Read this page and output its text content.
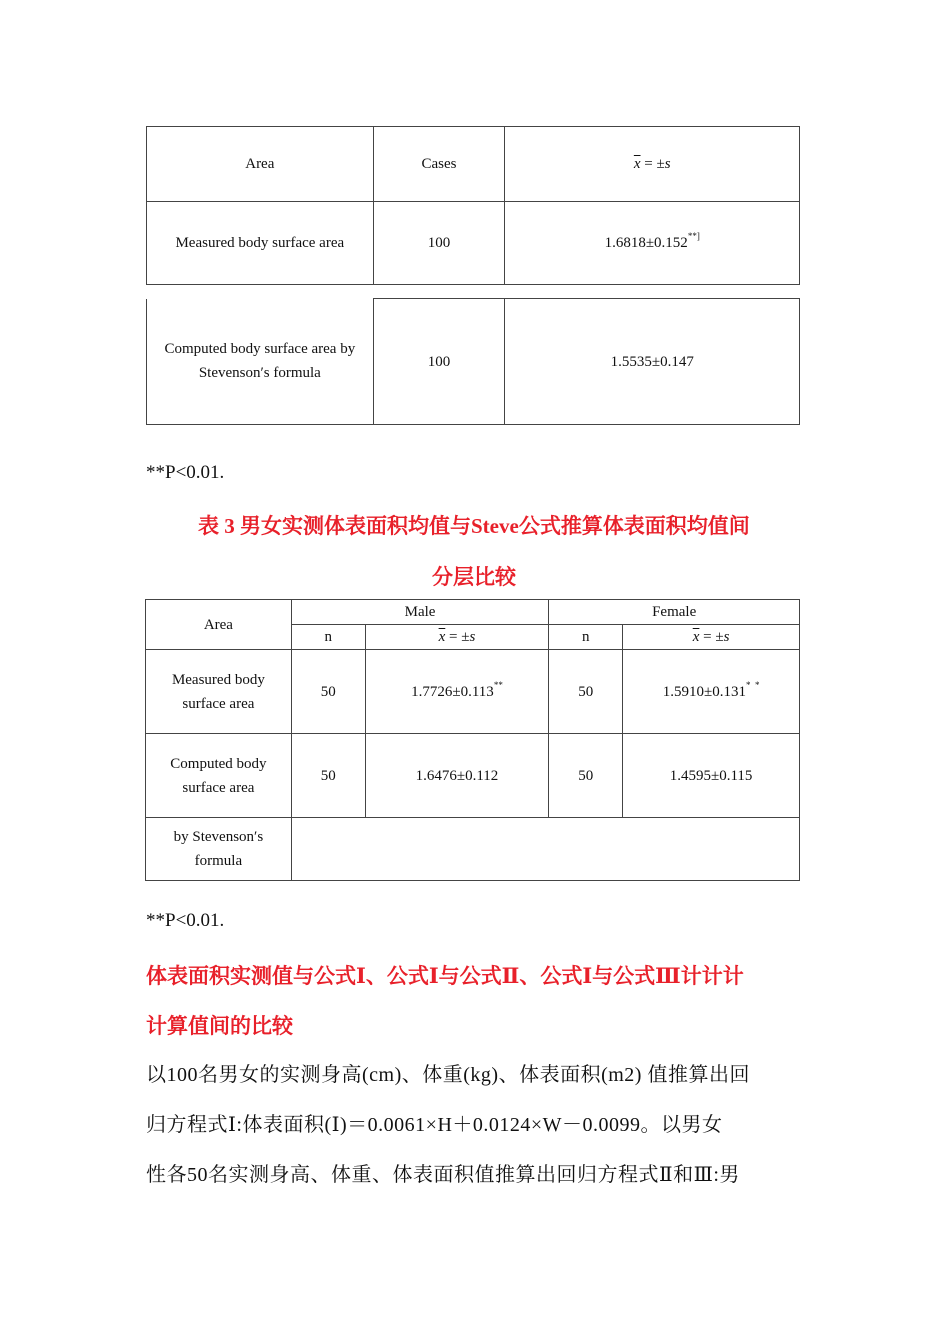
Area	Cases	$\overline{x} = \pm s$
Measured body surface area	100	1.6818±0.152**]
Computed body surface area by
Stevenson′s formula	100	1.5535±0.147
**P<0.01.
表 3 男女实测体表面积均值与Steve公式推算体表面积均值间
分层比较
Area	Male		Female	
	n	$\overline{x} = \pm s$	n	$\overline{x} = \pm s$
Measured body
surface area	50	1.7726±0.113**	50	1.5910±0.131*  *
Computed body
surface area	50	1.6476±0.112	50	1.4595±0.115
by Stevenson′s
formula				
**P<0.01.
体表面积实测值与公式Ⅰ、公式Ⅰ与公式Ⅱ、公式Ⅰ与公式Ⅲ计计计
计算值间的比较
以100名男女的实测身高(cm)、体重(kg)、体表面积(m2) 值推算出回
归方程式Ⅰ:体表面积(Ⅰ)＝0.0061×H＋0.0124×W－0.0099。以男女
性各50名实测身高、体重、体表面积值推算出回归方程式Ⅱ和Ⅲ:男
